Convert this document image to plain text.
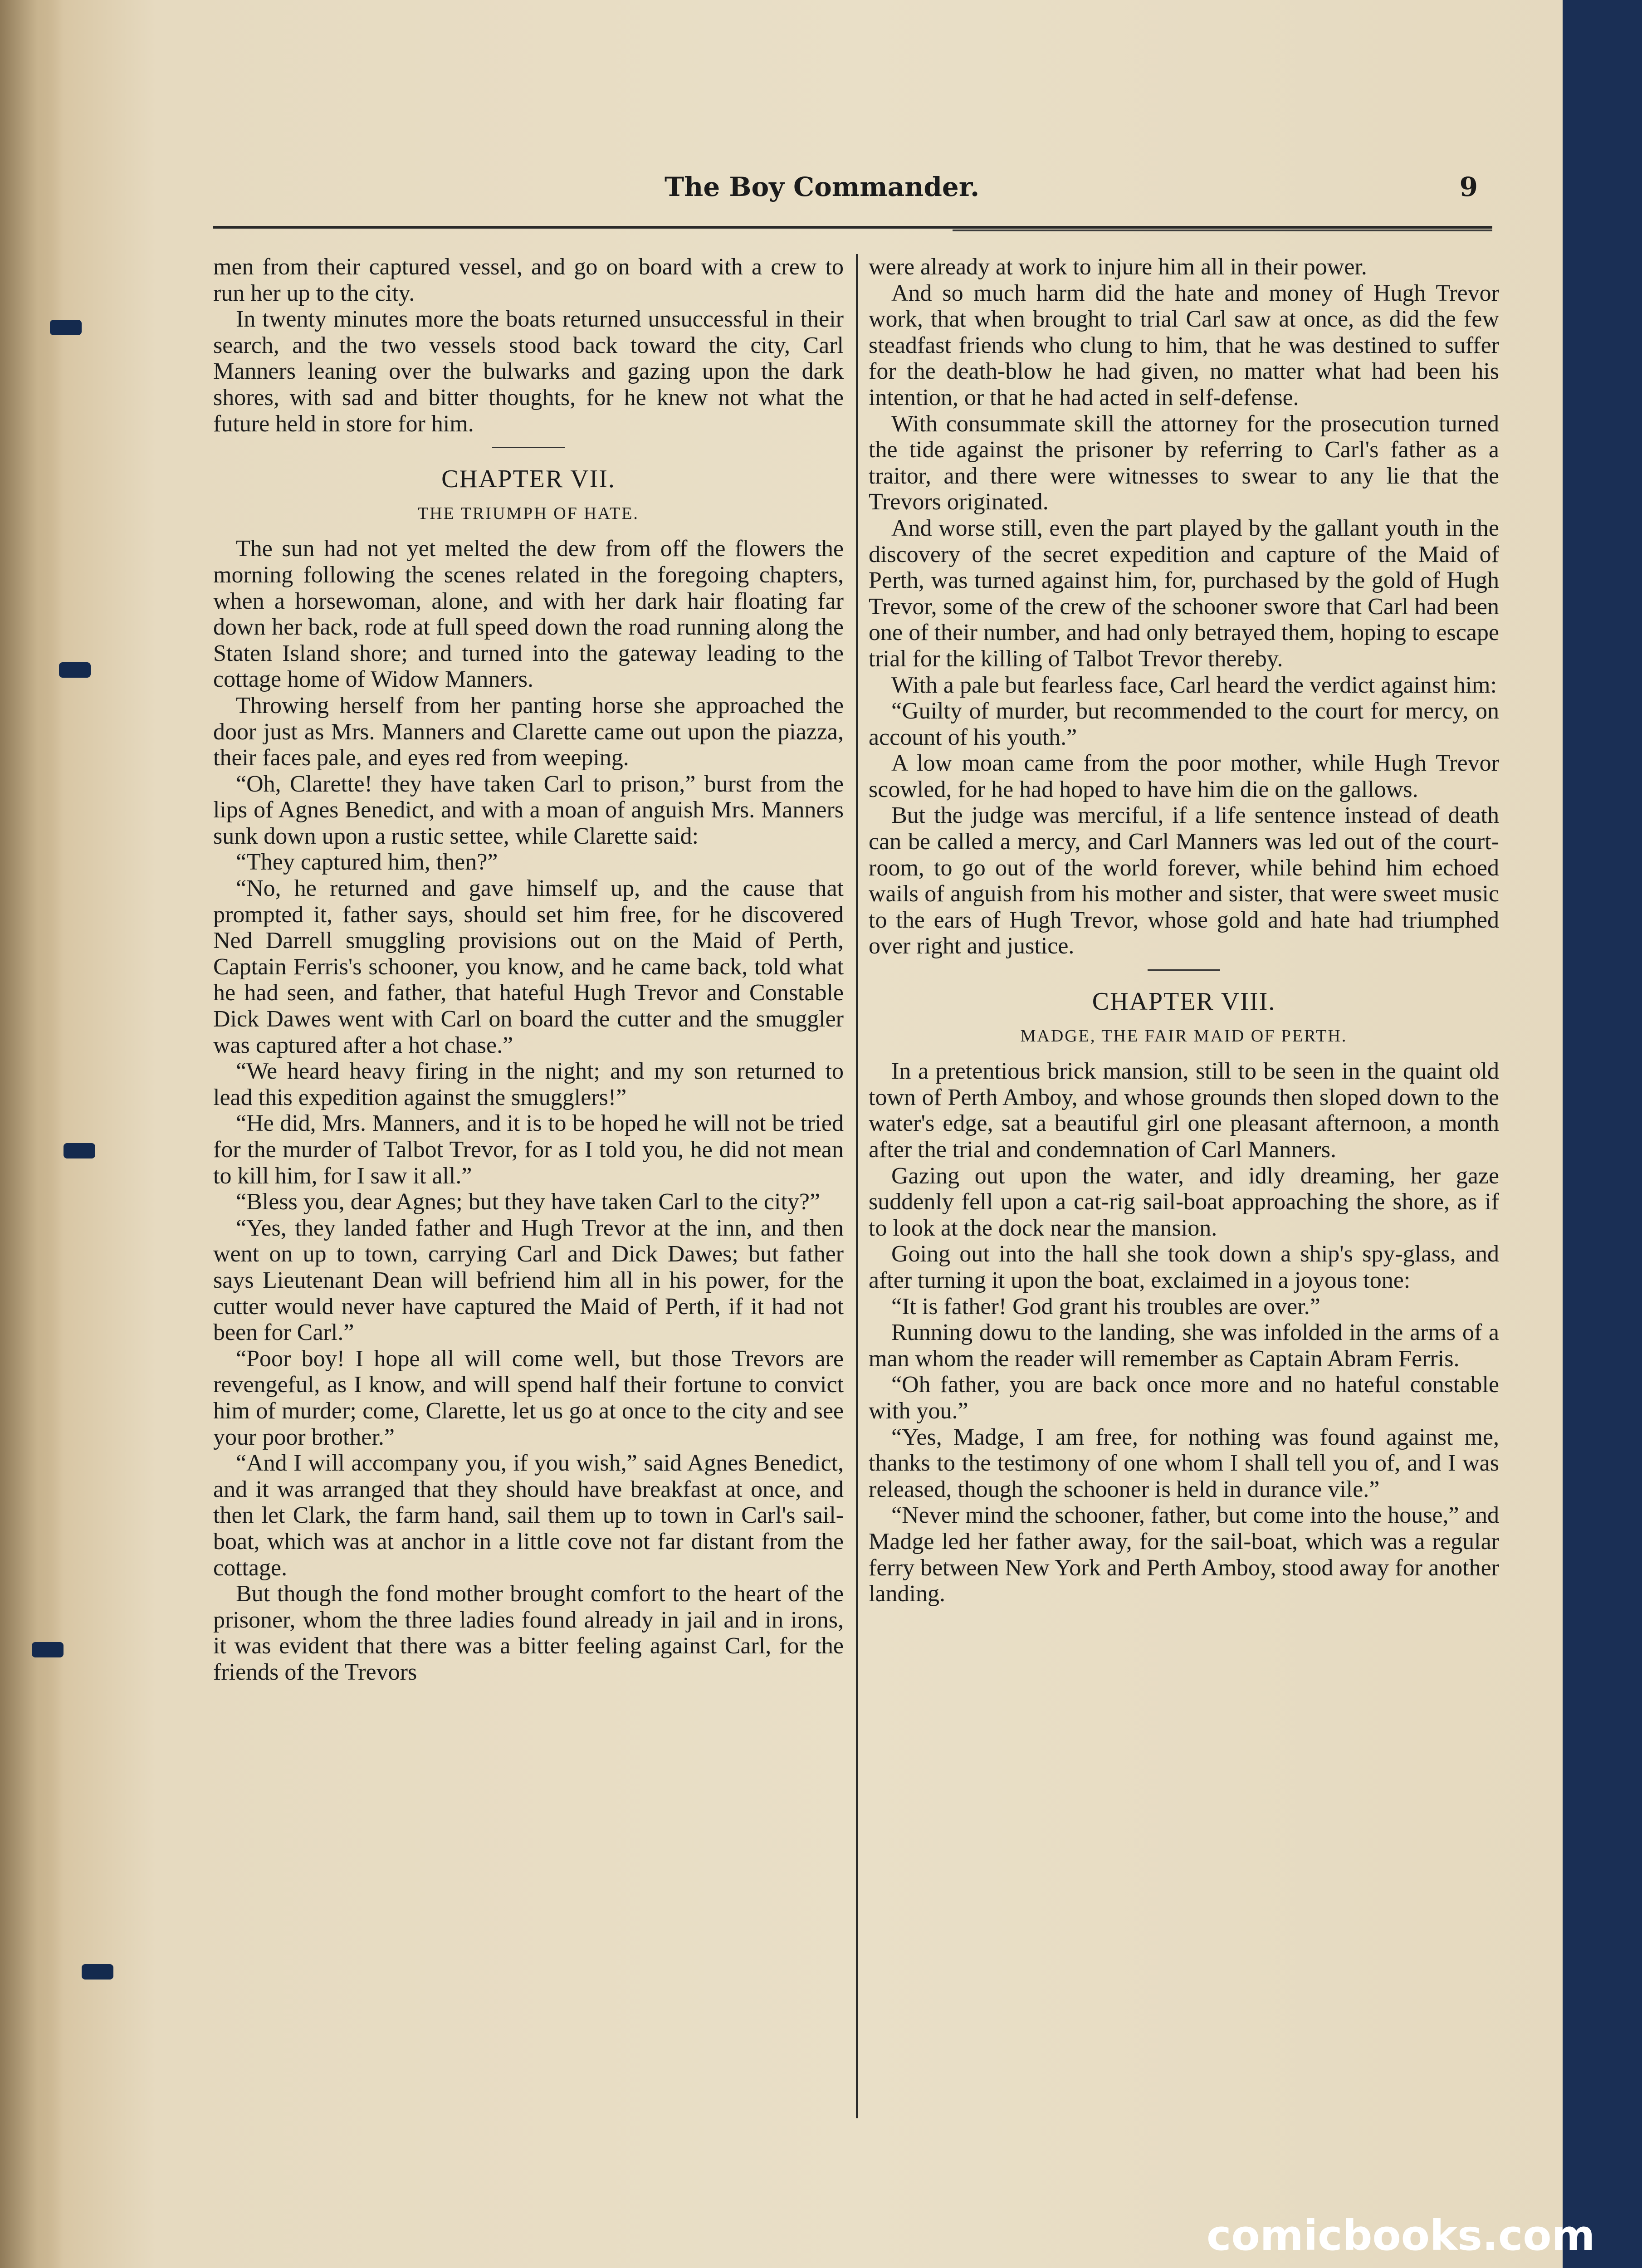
The Boy Commander.	9

men from their captured vessel, and go on board with a crew to run her up to the city.

In twenty minutes more the boats returned unsuccessful in their search, and the two vessels stood back toward the city, Carl Manners leaning over the bulwarks and gazing upon the dark shores, with sad and bitter thoughts, for he knew not what the future held in store for him.

CHAPTER VII.
THE TRIUMPH OF HATE.

The sun had not yet melted the dew from off the flowers the morning following the scenes related in the foregoing chapters, when a horsewoman, alone, and with her dark hair floating far down her back, rode at full speed down the road running along the Staten Island shore; and turned into the gateway leading to the cottage home of Widow Manners.

Throwing herself from her panting horse she approached the door just as Mrs. Manners and Clarette came out upon the piazza, their faces pale, and eyes red from weeping.

“Oh, Clarette! they have taken Carl to prison,” burst from the lips of Agnes Benedict, and with a moan of anguish Mrs. Manners sunk down upon a rustic settee, while Clarette said:

“They captured him, then?”

“No, he returned and gave himself up, and the cause that prompted it, father says, should set him free, for he discovered Ned Darrell smuggling provisions out on the Maid of Perth, Captain Ferris's schooner, you know, and he came back, told what he had seen, and father, that hateful Hugh Trevor and Constable Dick Dawes went with Carl on board the cutter and the smuggler was captured after a hot chase.”

“We heard heavy firing in the night; and my son returned to lead this expedition against the smugglers!”

“He did, Mrs. Manners, and it is to be hoped he will not be tried for the murder of Talbot Trevor, for as I told you, he did not mean to kill him, for I saw it all.”

“Bless you, dear Agnes; but they have taken Carl to the city?”

“Yes, they landed father and Hugh Trevor at the inn, and then went on up to town, carrying Carl and Dick Dawes; but father says Lieutenant Dean will befriend him all in his power, for the cutter would never have captured the Maid of Perth, if it had not been for Carl.”

“Poor boy! I hope all will come well, but those Trevors are revengeful, as I know, and will spend half their fortune to convict him of murder; come, Clarette, let us go at once to the city and see your poor brother.”

“And I will accompany you, if you wish,” said Agnes Benedict, and it was arranged that they should have breakfast at once, and then let Clark, the farm hand, sail them up to town in Carl's sail-boat, which was at anchor in a little cove not far distant from the cottage.

But though the fond mother brought comfort to the heart of the prisoner, whom the three ladies found already in jail and in irons, it was evident that there was a bitter feeling against Carl, for the friends of the Trevors

were already at work to injure him all in their power.

And so much harm did the hate and money of Hugh Trevor work, that when brought to trial Carl saw at once, as did the few steadfast friends who clung to him, that he was destined to suffer for the death-blow he had given, no matter what had been his intention, or that he had acted in self-defense.

With consummate skill the attorney for the prosecution turned the tide against the prisoner by referring to Carl's father as a traitor, and there were witnesses to swear to any lie that the Trevors originated.

And worse still, even the part played by the gallant youth in the discovery of the secret expedition and capture of the Maid of Perth, was turned against him, for, purchased by the gold of Hugh Trevor, some of the crew of the schooner swore that Carl had been one of their number, and had only betrayed them, hoping to escape trial for the killing of Talbot Trevor thereby.

With a pale but fearless face, Carl heard the verdict against him:

“Guilty of murder, but recommended to the court for mercy, on account of his youth.”

A low moan came from the poor mother, while Hugh Trevor scowled, for he had hoped to have him die on the gallows.

But the judge was merciful, if a life sentence instead of death can be called a mercy, and Carl Manners was led out of the court-room, to go out of the world forever, while behind him echoed wails of anguish from his mother and sister, that were sweet music to the ears of Hugh Trevor, whose gold and hate had triumphed over right and justice.

CHAPTER VIII.
MADGE, THE FAIR MAID OF PERTH.

In a pretentious brick mansion, still to be seen in the quaint old town of Perth Amboy, and whose grounds then sloped down to the water's edge, sat a beautiful girl one pleasant afternoon, a month after the trial and condemnation of Carl Manners.

Gazing out upon the water, and idly dreaming, her gaze suddenly fell upon a cat-rig sail-boat approaching the shore, as if to look at the dock near the mansion.

Going out into the hall she took down a ship's spy-glass, and after turning it upon the boat, exclaimed in a joyous tone:

“It is father! God grant his troubles are over.”

Running dowu to the landing, she was infolded in the arms of a man whom the reader will remember as Captain Abram Ferris.

“Oh father, you are back once more and no hateful constable with you.”

“Yes, Madge, I am free, for nothing was found against me, thanks to the testimony of one whom I shall tell you of, and I was released, though the schooner is held in durance vile.”

“Never mind the schooner, father, but come into the house,” and Madge led her father away, for the sail-boat, which was a regular ferry between New York and Perth Amboy, stood away for another landing.

comicbooks.com
